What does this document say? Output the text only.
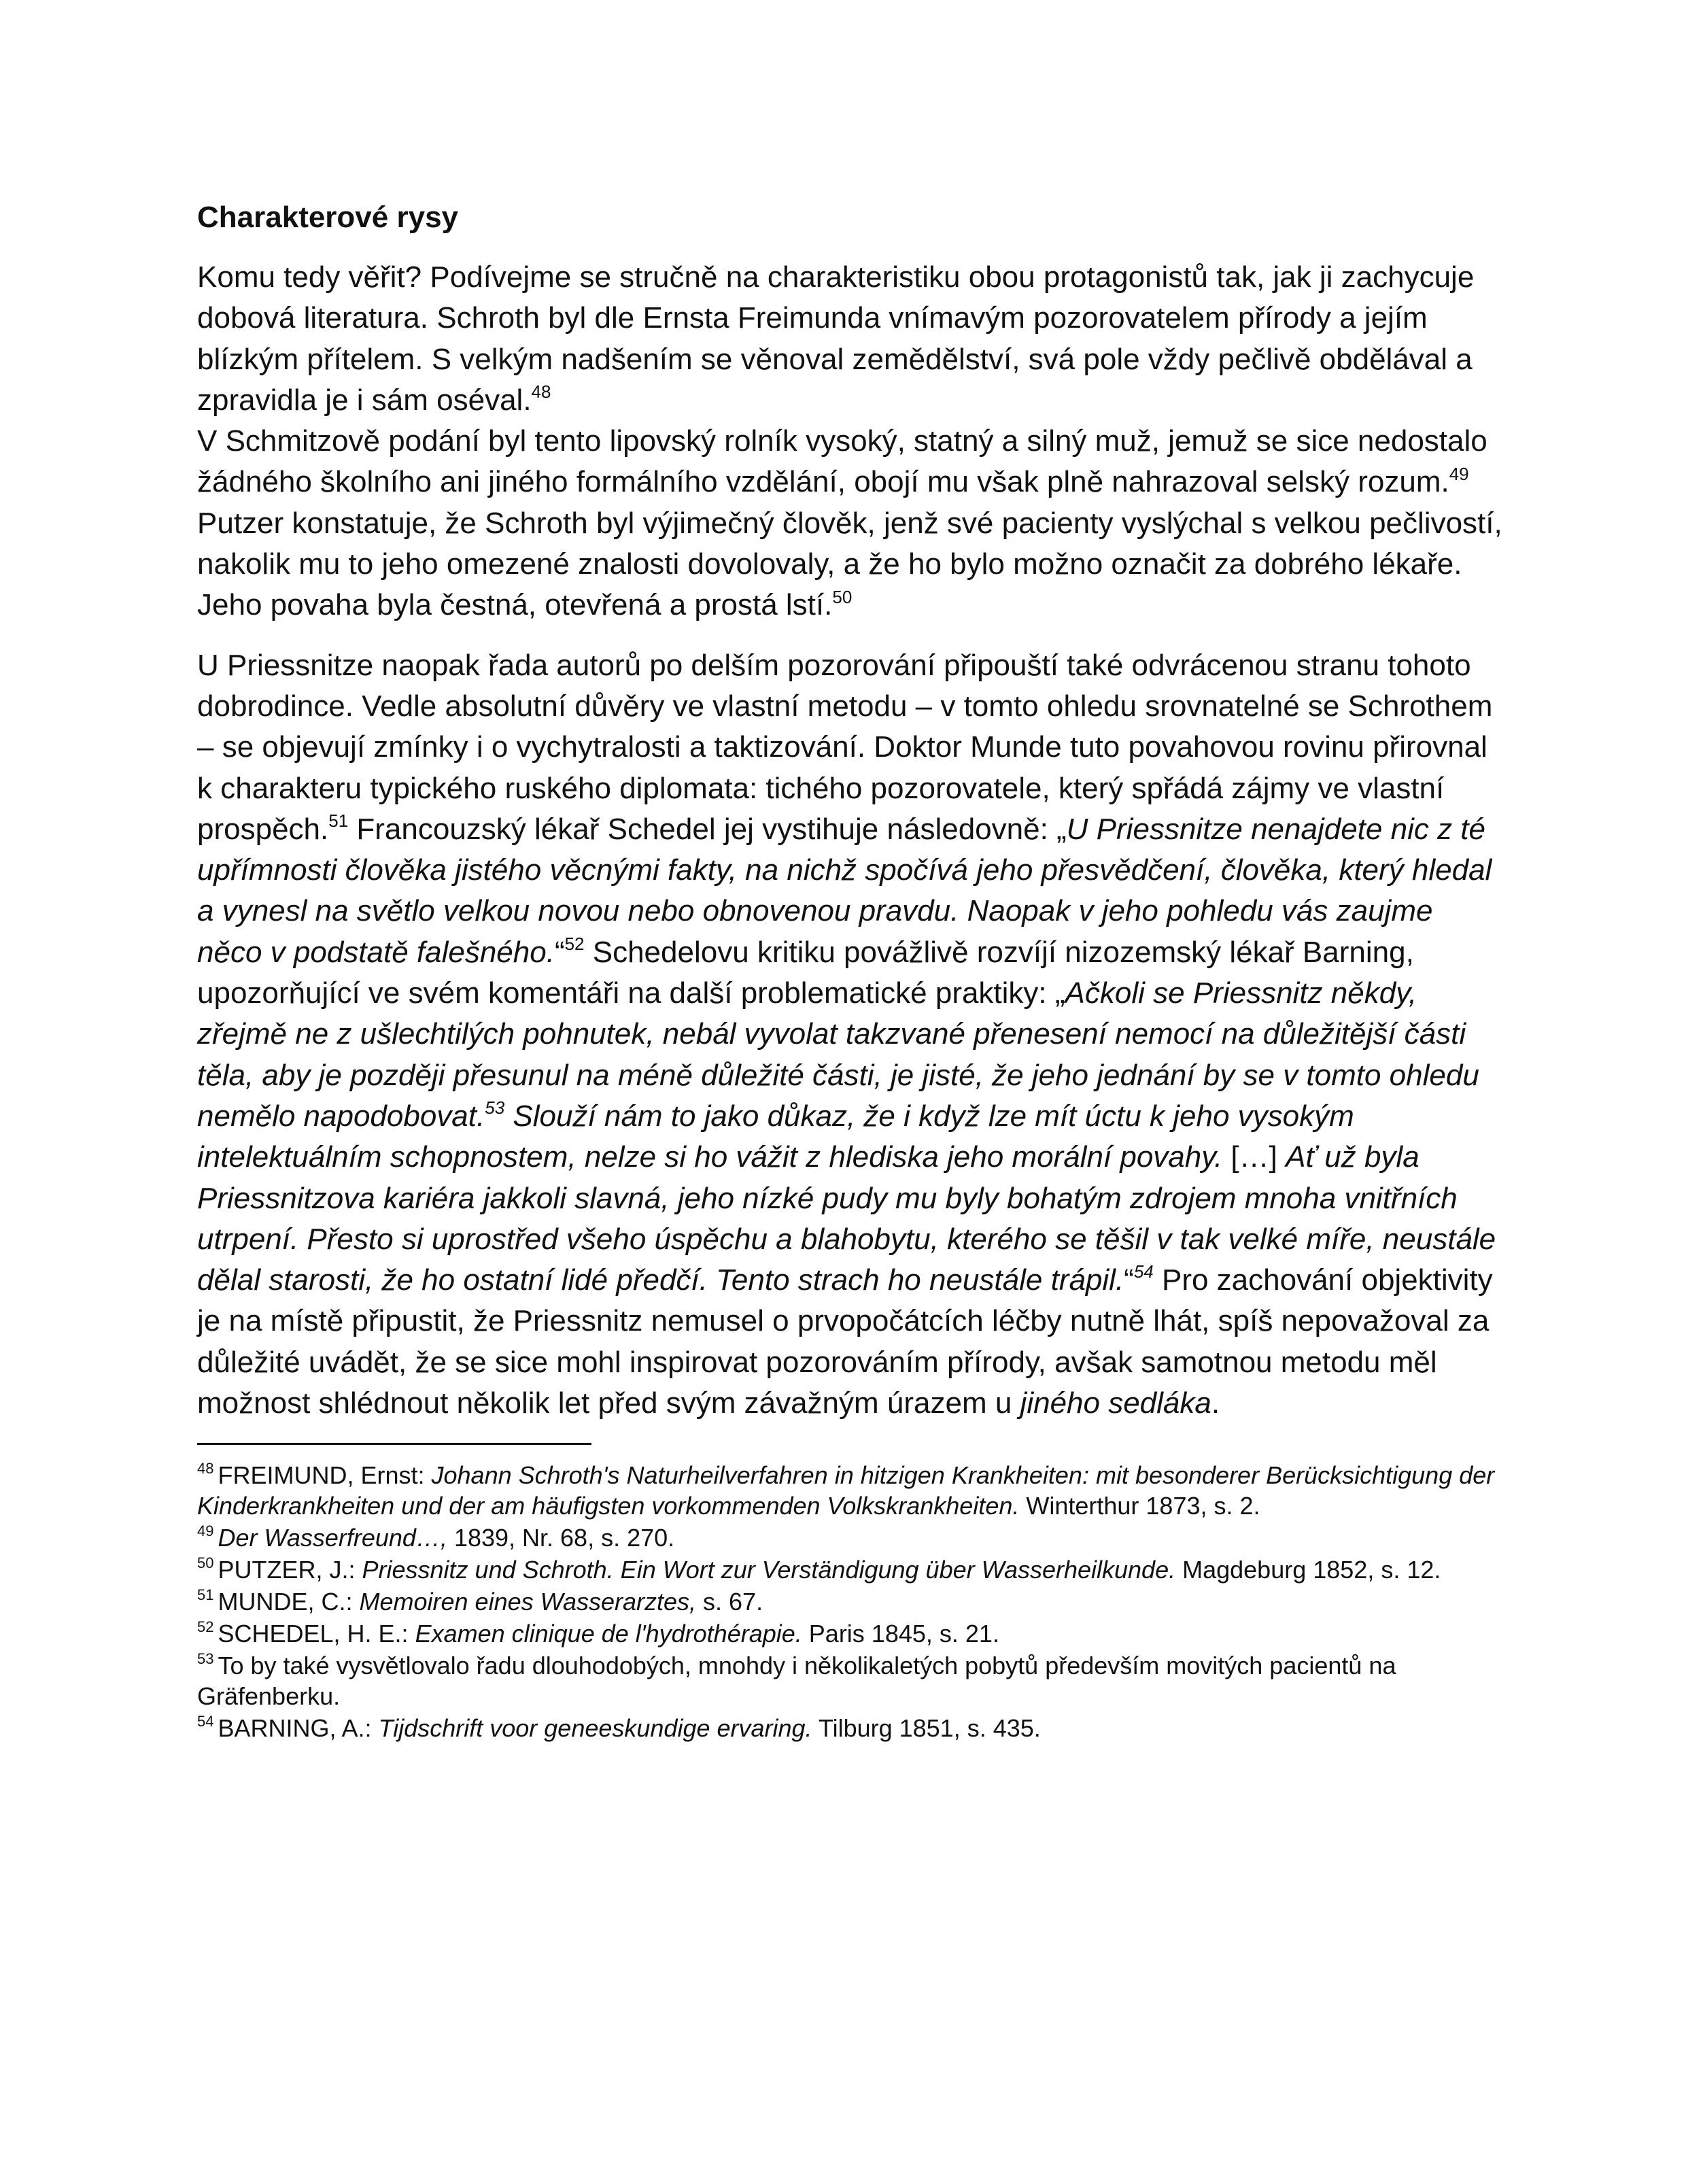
Charakterové rysy

Komu tedy věřit? Podívejme se stručně na charakteristiku obou protagonistů tak, jak ji zachycuje dobová literatura. Schroth byl dle Ernsta Freimunda vnímavým pozorovatelem přírody a jejím blízkým přítelem. S velkým nadšením se věnoval zemědělství, svá pole vždy pečlivě obdělával a zpravidla je i sám oséval.$^{48}$
V Schmitzově podání byl tento lipovský rolník vysoký, statný a silný muž, jemuž se sice nedostalo žádného školního ani jiného formálního vzdělání, obojí mu však plně nahrazoval selský rozum.$^{49}$ Putzer konstatuje, že Schroth byl výjimečný člověk, jenž své pacienty vyslýchal s velkou pečlivostí, nakolik mu to jeho omezené znalosti dovolovaly, a že ho bylo možno označit za dobrého lékaře. Jeho povaha byla čestná, otevřená a prostá lstí.$^{50}$

U Priessnitze naopak řada autorů po delším pozorování připouští také odvrácenou stranu tohoto dobrodince. Vedle absolutní důvěry ve vlastní metodu – v tomto ohledu srovnatelné se Schrothem – se objevují zmínky i o vychytralosti a taktizování. Doktor Munde tuto povahovou rovinu přirovnal k charakteru typického ruského diplomata: tichého pozorovatele, který spřádá zájmy ve vlastní prospěch.$^{51}$ Francouzský lékař Schedel jej vystihuje následovně: „U Priessnitze nenajdete nic z té upřímnosti člověka jistého věcnými fakty, na nichž spočívá jeho přesvědčení, člověka, který hledal a vynesl na světlo velkou novou nebo obnovenou pravdu. Naopak v jeho pohledu vás zaujme něco v podstatě falešného.“$^{52}$ Schedelovu kritiku povážlivě rozvíjí nizozemský lékař Barning, upozorňující ve svém komentáři na další problematické praktiky: „Ačkoli se Priessnitz někdy, zřejmě ne z ušlechtilých pohnutek, nebál vyvolat takzvané přenesení nemocí na důležitější části těla, aby je později přesunul na méně důležité části, je jisté, že jeho jednání by se v tomto ohledu nemělo napodobovat.$^{53}$ Slouží nám to jako důkaz, že i když lze mít úctu k jeho vysokým intelektuálním schopnostem, nelze si ho vážit z hlediska jeho morální povahy. […] Ať už byla Priessnitzova kariéra jakkoli slavná, jeho nízké pudy mu byly bohatým zdrojem mnoha vnitřních utrpení. Přesto si uprostřed všeho úspěchu a blahobytu, kterého se těšil v tak velké míře, neustále dělal starosti, že ho ostatní lidé předčí. Tento strach ho neustále trápil.“$^{54}$ Pro zachování objektivity je na místě připustit, že Priessnitz nemusel o prvopočátcích léčby nutně lhát, spíš nepovažoval za důležité uvádět, že se sice mohl inspirovat pozorováním přírody, avšak samotnou metodu měl možnost shlédnout několik let před svým závažným úrazem u jiného sedláka.

$^{48}$ FREIMUND, Ernst: Johann Schroth's Naturheilverfahren in hitzigen Krankheiten: mit besonderer Berücksichtigung der Kinderkrankheiten und der am häufigsten vorkommenden Volkskrankheiten. Winterthur 1873, s. 2.

$^{49}$ Der Wasserfreund…, 1839, Nr. 68, s. 270.

$^{50}$ PUTZER, J.: Priessnitz und Schroth. Ein Wort zur Verständigung über Wasserheilkunde. Magdeburg 1852, s. 12.

$^{51}$ MUNDE, C.: Memoiren eines Wasserarztes, s. 67.

$^{52}$ SCHEDEL, H. E.: Examen clinique de l'hydrothérapie. Paris 1845, s. 21.

$^{53}$ To by také vysvětlovalo řadu dlouhodobých, mnohdy i několikaletých pobytů především movitých pacientů na Gräfenberku.

$^{54}$ BARNING, A.: Tijdschrift voor geneeskundige ervaring. Tilburg 1851, s. 435.
